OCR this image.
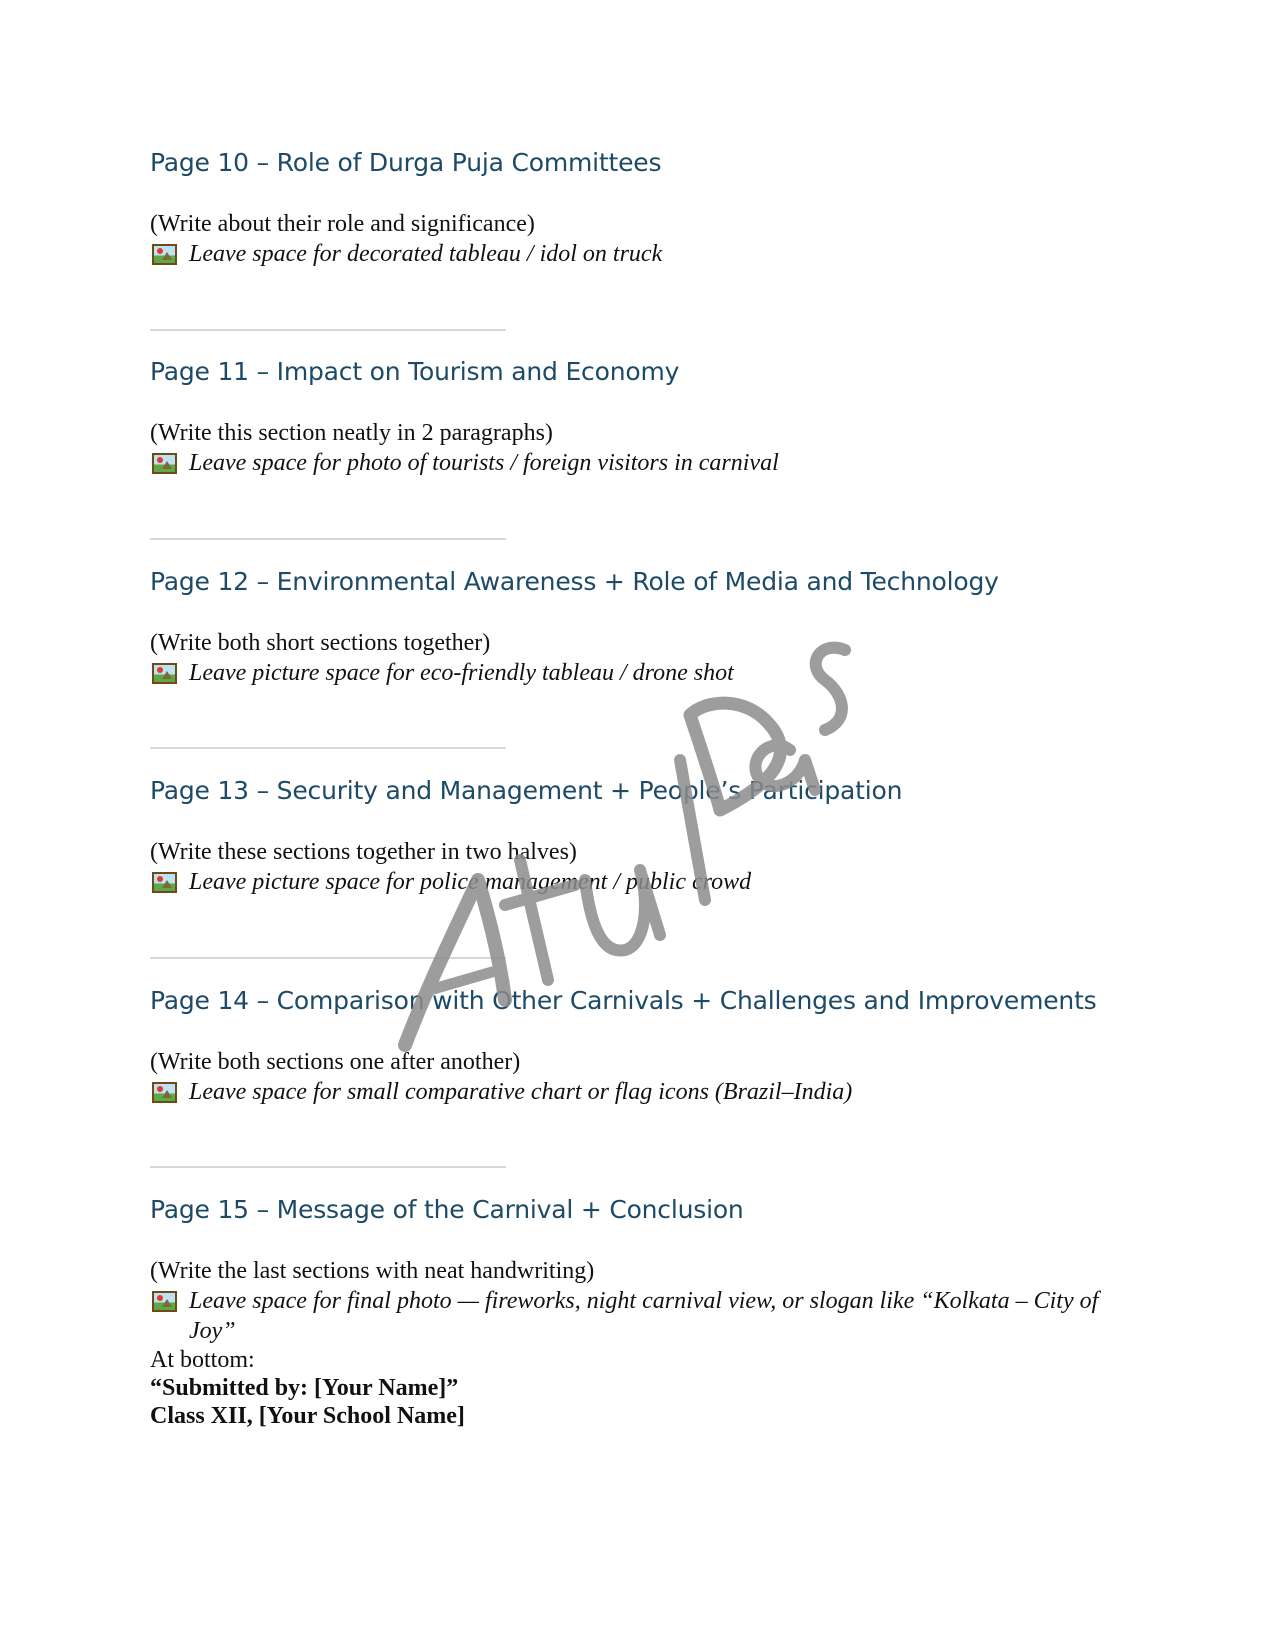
Page 10 – Role of Durga Puja Committees
(Write about their role and significance)
Leave space for decorated tableau / idol on truck
Page 11 – Impact on Tourism and Economy
(Write this section neatly in 2 paragraphs)
Leave space for photo of tourists / foreign visitors in carnival
Page 12 – Environmental Awareness + Role of Media and Technology
(Write both short sections together)
Leave picture space for eco-friendly tableau / drone shot
Page 13 – Security and Management + People’s Participation
(Write these sections together in two halves)
Leave picture space for police management / public crowd
Page 14 – Comparison with Other Carnivals + Challenges and Improvements
(Write both sections one after another)
Leave space for small comparative chart or flag icons (Brazil–India)
Page 15 – Message of the Carnival + Conclusion
(Write the last sections with neat handwriting)
Leave space for final photo — fireworks, night carnival view, or slogan like “Kolkata – City of Joy”
At bottom:
“Submitted by: [Your Name]”
Class XII, [Your School Name]
